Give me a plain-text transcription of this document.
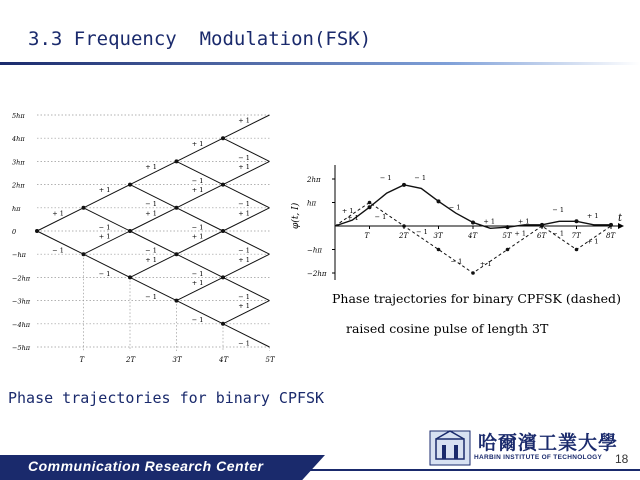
3.3 Frequency  Modulation(FSK)
5hπ
4hπ
3hπ
2hπ
hπ
0
−hπ
−2hπ
−3hπ
−4hπ
−5hπ
T	2T	3T	4T	5T
+ 1
− 1
+ 1
− 1
+ 1
− 1
+ 1
− 1
+ 1
− 1
+ 1
− 1
+ 1
− 1
+ 1
− 1
+ 1
− 1
+ 1
− 1
+ 1
− 1
+ 1
− 1
+ 1
− 1
+ 1
− 1
+ 1
− 1
2hπ
hπ
−hπ
−2hπ
T	2T	3T	4T	5T	6T	7T	8T
+ 1
− 1	− 1
− 1
+ 1	+ 1
− 1
+ 1
+ 1 − 1
− 1
− 1	+ 1
+ 1	− 1
+ 1
φ(t, I)	t
Phase trajectories for binary CPFSK (dashed)
raised cosine pulse of length 3T
Phase trajectories for binary CPFSK
哈爾濱工業大學
HARBIN INSTITUTE OF TECHNOLOGY
Communication Research Center	18
